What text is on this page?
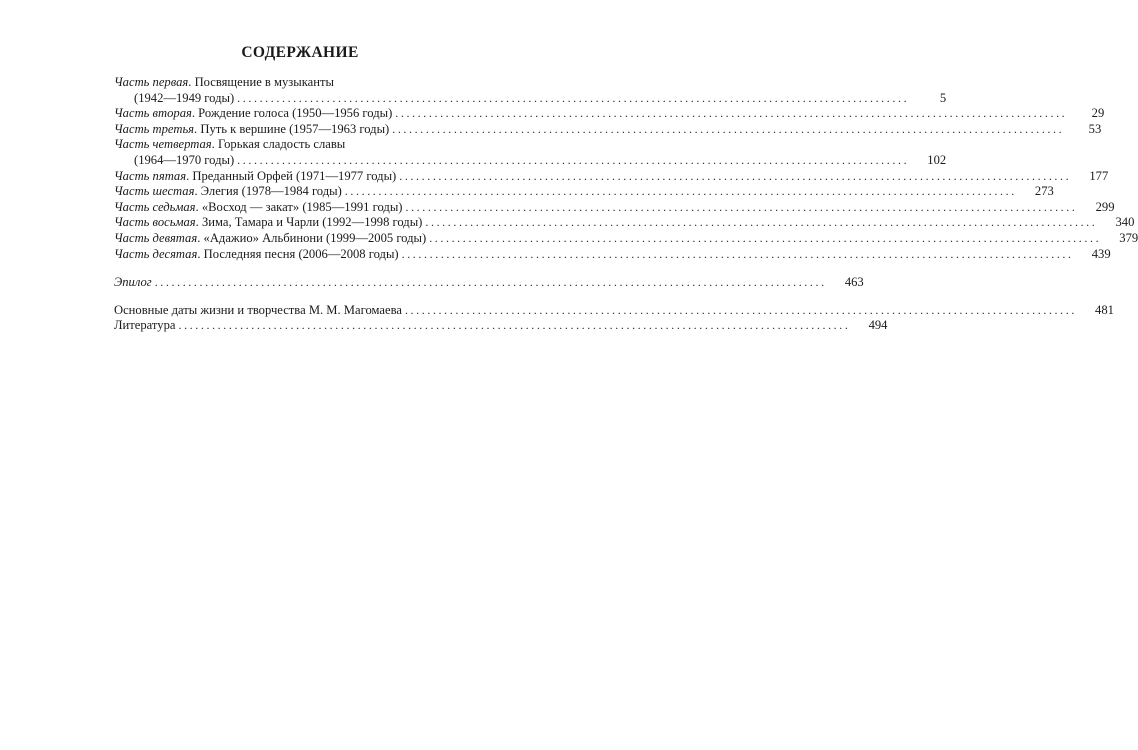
СОДЕРЖАНИЕ
Часть первая. Посвящение в музыканты
(1942—1949 годы) ........................................................................................................................	5
Часть вторая. Рождение голоса (1950—1956 годы) ........................................................................................................................	29
Часть третья. Путь к вершине (1957—1963 годы) ........................................................................................................................	53
Часть четвертая. Горькая сладость славы
(1964—1970 годы) ........................................................................................................................	102
Часть пятая. Преданный Орфей (1971—1977 годы) ........................................................................................................................	177
Часть шестая. Элегия (1978—1984 годы) ........................................................................................................................	273
Часть седьмая. «Восход — закат» (1985—1991 годы) ........................................................................................................................	299
Часть восьмая. Зима, Тамара и Чарли (1992—1998 годы) ........................................................................................................................	340
Часть девятая. «Адажио» Альбинони (1999—2005 годы) ........................................................................................................................	379
Часть десятая. Последняя песня (2006—2008 годы) ........................................................................................................................	439
Эпилог ........................................................................................................................	463
Основные даты жизни и творчества М. М. Магомаева ........................................................................................................................	481
Литература ........................................................................................................................	494
